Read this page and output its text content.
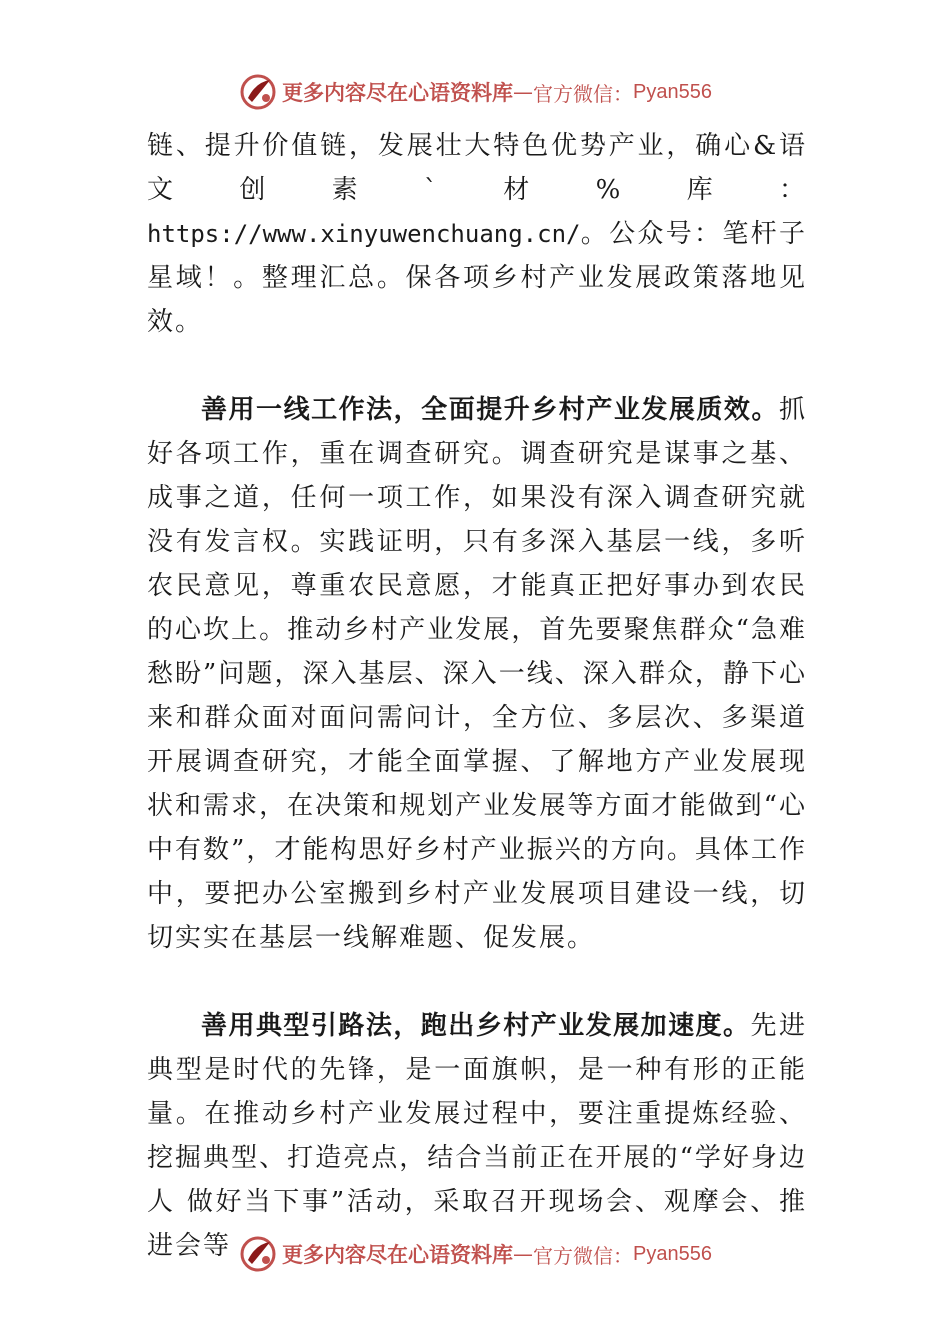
更多内容尽在心语资料库 — 官方微信： Pyan556

链、提升价值链，发展壮大特色优势产业，确心&语文创素`材%库：https://www.xinyuwenchuang.cn/。公众号：笔杆子星域！。整理汇总。保各项乡村产业发展政策落地见效。

善用一线工作法，全面提升乡村产业发展质效。抓好各项工作，重在调查研究。调查研究是谋事之基、成事之道，任何一项工作，如果没有深入调查研究就没有发言权。实践证明，只有多深入基层一线，多听农民意见，尊重农民意愿，才能真正把好事办到农民的心坎上。推动乡村产业发展，首先要聚焦群众“急难愁盼”问题，深入基层、深入一线、深入群众，静下心来和群众面对面问需问计，全方位、多层次、多渠道开展调查研究，才能全面掌握、了解地方产业发展现状和需求，在决策和规划产业发展等方面才能做到“心中有数”，才能构思好乡村产业振兴的方向。具体工作中，要把办公室搬到乡村产业发展项目建设一线，切切实实在基层一线解难题、促发展。

善用典型引路法，跑出乡村产业发展加速度。先进典型是时代的先锋，是一面旗帜，是一种有形的正能量。在推动乡村产业发展过程中，要注重提炼经验、挖掘典型、打造亮点，结合当前正在开展的“学好身边人 做好当下事”活动，采取召开现场会、观摩会、推进会等	更多内容尽在心语资料库 — 官方微信： Pyan556
